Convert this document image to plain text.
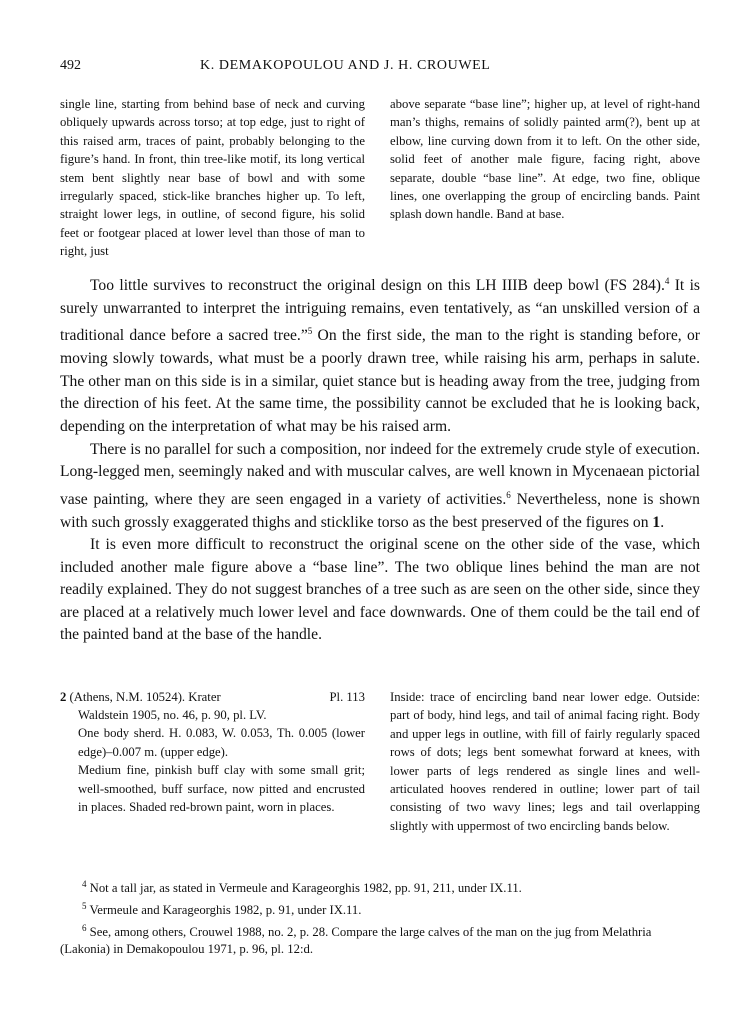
492	K. DEMAKOPOULOU AND J. H. CROUWEL
single line, starting from behind base of neck and curving obliquely upwards across torso; at top edge, just to right of this raised arm, traces of paint, probably belonging to the figure’s hand. In front, thin tree-like motif, its long vertical stem bent slightly near base of bowl and with some irregularly spaced, stick-like branches higher up. To left, straight lower legs, in outline, of second figure, his solid feet or footgear placed at lower level than those of man to right, just
above separate “base line”; higher up, at level of right-hand man’s thighs, remains of solidly painted arm(?), bent up at elbow, line curving down from it to left. On the other side, solid feet of another male figure, facing right, above separate, double “base line”. At edge, two fine, oblique lines, one overlapping the group of encircling bands. Paint splash down handle. Band at base.

Too little survives to reconstruct the original design on this LH IIIB deep bowl (FS 284).$^4$ It is surely unwarranted to interpret the intriguing remains, even tentatively, as “an unskilled version of a traditional dance before a sacred tree.”$^5$ On the first side, the man to the right is standing before, or moving slowly towards, what must be a poorly drawn tree, while raising his arm, perhaps in salute. The other man on this side is in a similar, quiet stance but is heading away from the tree, judging from the direction of his feet. At the same time, the possibility cannot be excluded that he is looking back, depending on the interpretation of what may be his raised arm.

There is no parallel for such a composition, nor indeed for the extremely crude style of execution. Long-legged men, seemingly naked and with muscular calves, are well known in Mycenaean pictorial vase painting, where they are seen engaged in a variety of activities.$^6$ Nevertheless, none is shown with such grossly exaggerated thighs and sticklike torso as the best preserved of the figures on 1.

It is even more difficult to reconstruct the original scene on the other side of the vase, which included another male figure above a “base line”. The two oblique lines behind the man are not readily explained. They do not suggest branches of a tree such as are seen on the other side, since they are placed at a relatively much lower level and face downwards. One of them could be the tail end of the painted band at the base of the handle.

2 (Athens, N.M. 10524). Krater	Pl. 113

Waldstein 1905, no. 46, p. 90, pl. LV.

One body sherd. H. 0.083, W. 0.053, Th. 0.005 (lower edge)–0.007 m. (upper edge).

Medium fine, pinkish buff clay with some small grit; well-smoothed, buff surface, now pitted and encrusted in places. Shaded red-brown paint, worn in places.

Inside: trace of encircling band near lower edge. Outside: part of body, hind legs, and tail of animal facing right. Body and upper legs in outline, with fill of fairly regularly spaced rows of dots; legs bent somewhat forward at knees, with lower parts of legs rendered as single lines and well-articulated hooves rendered in outline; lower part of tail consisting of two wavy lines; legs and tail overlapping slightly with uppermost of two encircling bands below.

$^4$ Not a tall jar, as stated in Vermeule and Karageorghis 1982, pp. 91, 211, under IX.11.

$^5$ Vermeule and Karageorghis 1982, p. 91, under IX.11.

$^6$ See, among others, Crouwel 1988, no. 2, p. 28. Compare the large calves of the man on the jug from Melathria (Lakonia) in Demakopoulou 1971, p. 96, pl. 12:d.
